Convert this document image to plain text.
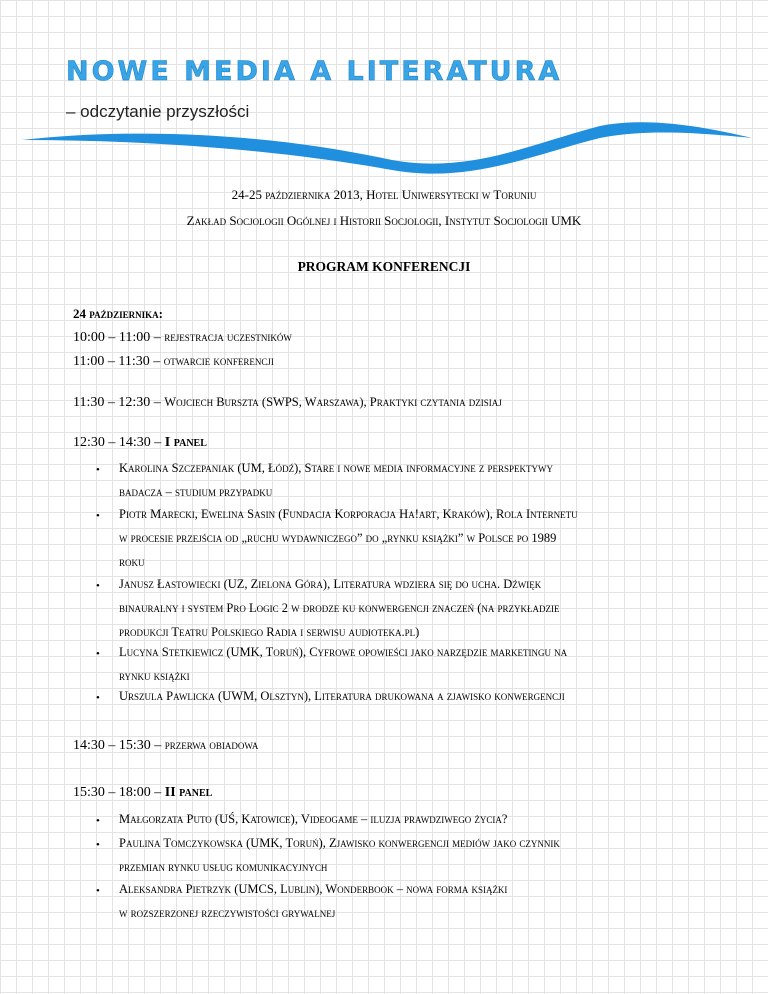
NOWE MEDIA A LITERATURA
– odczytanie przyszłości
24-25 października 2013, Hotel Uniwersytecki w Toruniu
Zakład Socjologii Ogólnej i Historii Socjologii, Instytut Socjologii UMK
PROGRAM KONFERENCJI
24 października:
10:00 – 11:00 – rejestracja uczestników
11:00 – 11:30 – otwarcie konferencji
11:30 – 12:30 – Wojciech Burszta (SWPS, Warszawa), Praktyki czytania dzisiaj
12:30 – 14:30 – I panel
• Karolina Szczepaniak (UM, Łódź), Stare i nowe media informacyjne z perspektywy
badacza – studium przypadku
• Piotr Marecki, Ewelina Sasin (Fundacja Korporacja Ha!art, Kraków), Rola Internetu
w procesie przejścia od „ruchu wydawniczego” do „rynku książki” w Polsce po 1989
roku
• Janusz Łastowiecki (UZ, Zielona Góra), Literatura wdziera się do ucha. Dźwięk
binauralny i system Pro Logic 2 w drodze ku konwergencji znaczeń (na przykładzie
produkcji Teatru Polskiego Radia i serwisu audioteka.pl)
• Lucyna Stetkiewicz (UMK, Toruń), Cyfrowe opowieści jako narzędzie marketingu na
rynku książki
• Urszula Pawlicka (UWM, Olsztyn), Literatura drukowana a zjawisko konwergencji
14:30 – 15:30 – przerwa obiadowa
15:30 – 18:00 – II panel
• Małgorzata Puto (UŚ, Katowice), Videogame – iluzja prawdziwego życia?
• Paulina Tomczykowska (UMK, Toruń), Zjawisko konwergencji mediów jako czynnik
przemian rynku usług komunikacyjnych
• Aleksandra Pietrzyk (UMCS, Lublin), Wonderbook – nowa forma książki
w rozszerzonej rzeczywistości grywalnej
